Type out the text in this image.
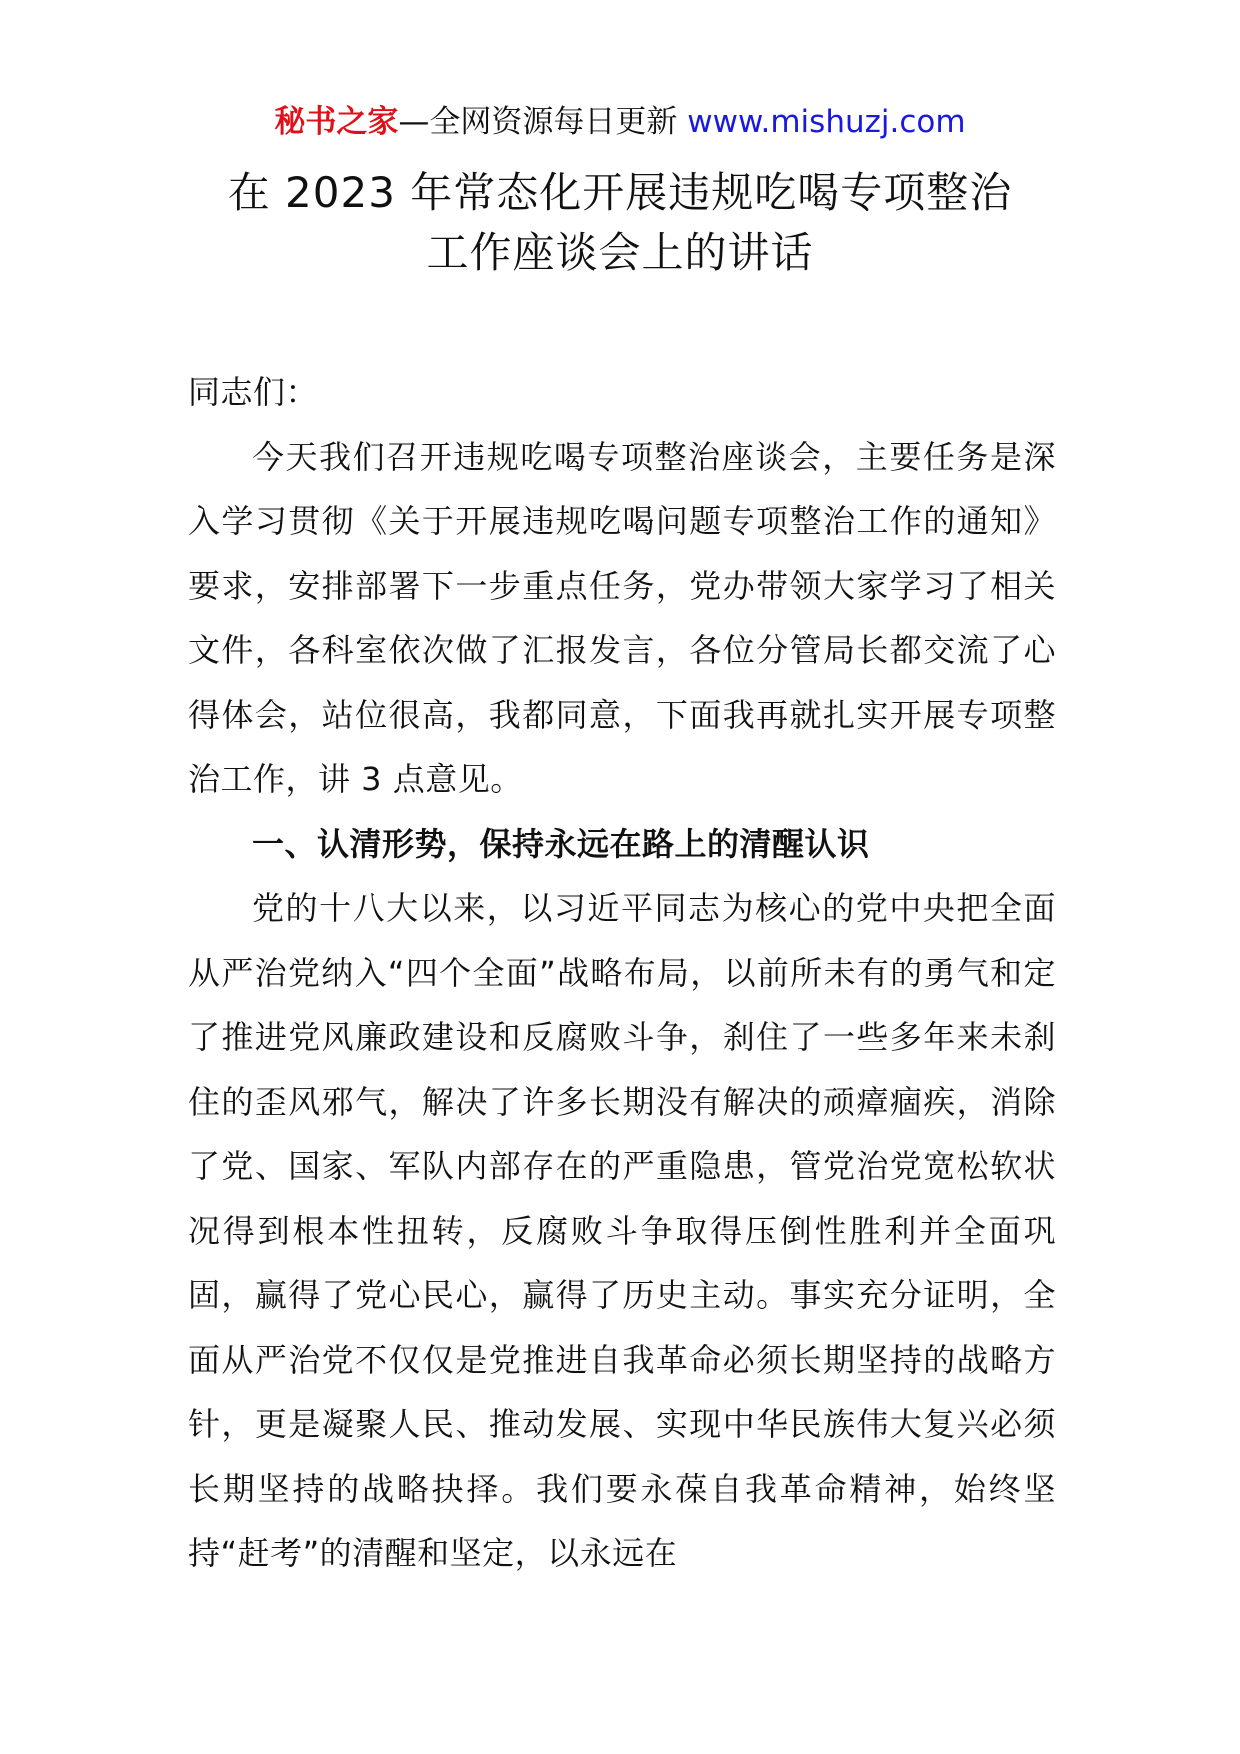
秘书之家—全网资源每日更新 www.mishuzj.com
在 2023 年常态化开展违规吃喝专项整治
工作座谈会上的讲话

同志们：

今天我们召开违规吃喝专项整治座谈会，主要任务是深入学习贯彻《关于开展违规吃喝问题专项整治工作的通知》要求，安排部署下一步重点任务，党办带领大家学习了相关文件，各科室依次做了汇报发言，各位分管局长都交流了心得体会，站位很高，我都同意，下面我再就扎实开展专项整治工作，讲 3 点意见。

一、认清形势，保持永远在路上的清醒认识

党的十八大以来，以习近平同志为核心的党中央把全面从严治党纳入“四个全面”战略布局，以前所未有的勇气和定了推进党风廉政建设和反腐败斗争，刹住了一些多年来未刹住的歪风邪气，解决了许多长期没有解决的顽瘴痼疾，消除了党、国家、军队内部存在的严重隐患，管党治党宽松软状况得到根本性扭转，反腐败斗争取得压倒性胜利并全面巩固，赢得了党心民心，赢得了历史主动。事实充分证明，全面从严治党不仅仅是党推进自我革命必须长期坚持的战略方针，更是凝聚人民、推动发展、实现中华民族伟大复兴必须长期坚持的战略抉择。我们要永葆自我革命精神，始终坚持“赶考”的清醒和坚定，以永远在
